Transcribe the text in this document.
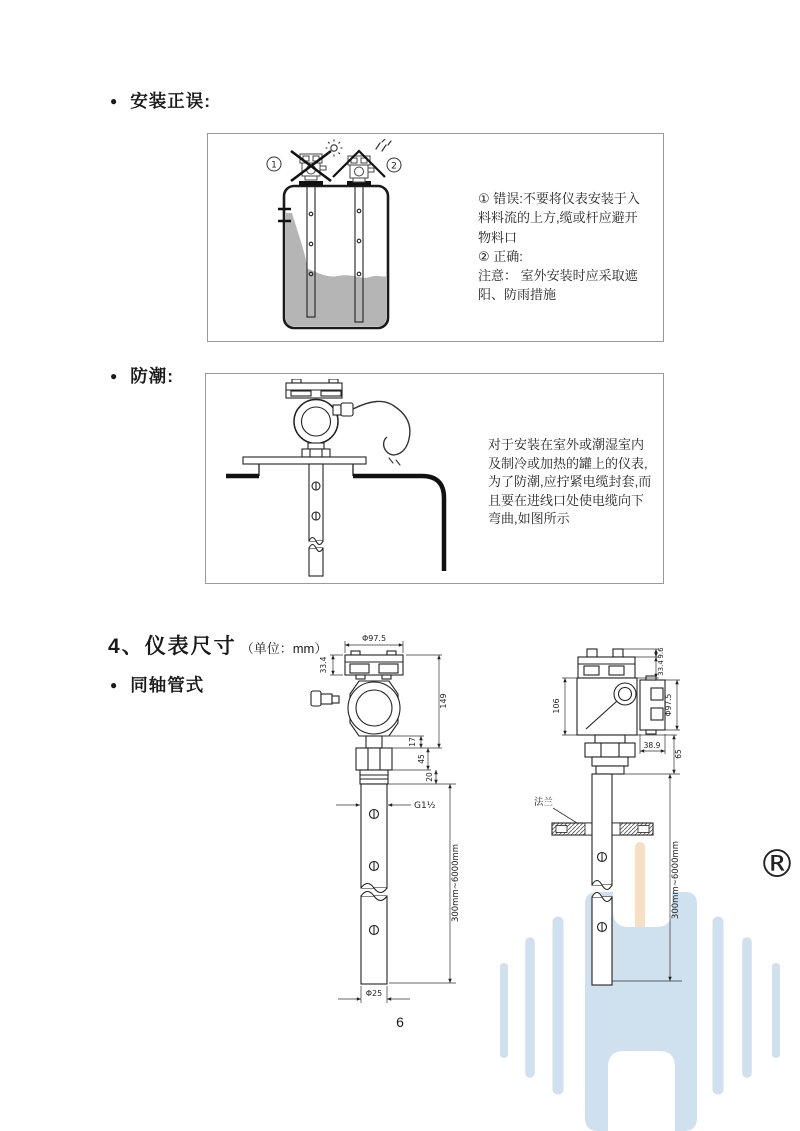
®
● 安装正误:
1	2
① 错误:不要将仪表安装于入
料料流的上方,缆或杆应避开
物料口
② 正确:
注意： 室外安装时应采取遮
阳、防雨措施
● 防潮:
对于安装在室外或潮湿室内
及制冷或加热的罐上的仪表,
为了防潮,应拧紧电缆封套,而
且要在进线口处使电缆向下
弯曲,如图所示
4、 仪表尺寸 （单位：mm）
● 同轴管式
Φ97.5
33.4
149
17
45
20
G1½
300mm~6000mm
Φ25
9.6
33.4
106	Φ97.5
38.9
65
法兰
300mm~6000mm
6
